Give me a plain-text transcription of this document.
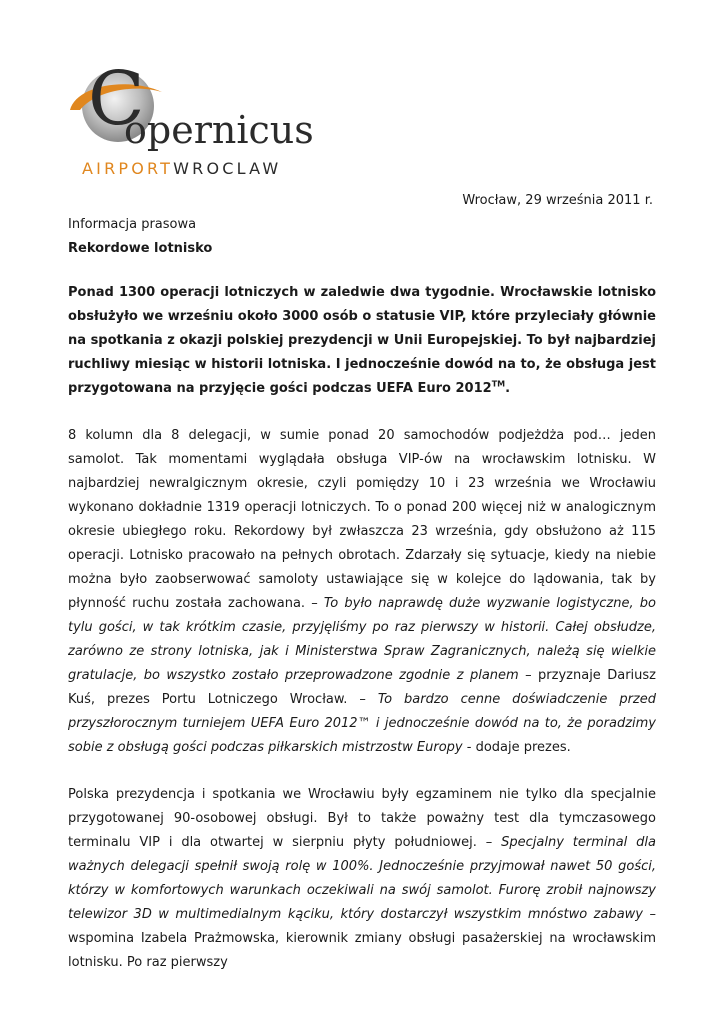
C
opernicus
AIRPORTWROCLAW
Wrocław, 29 września 2011 r.

Informacja prasowa

Rekordowe lotnisko

Ponad 1300 operacji lotniczych w zaledwie dwa tygodnie. Wrocławskie lotnisko obsłużyło we wrześniu około 3000 osób o statusie VIP, które przyleciały głównie na spotkania z okazji polskiej prezydencji w Unii Europejskiej. To był najbardziej ruchliwy miesiąc w historii lotniska. I jednocześnie dowód na to, że obsługa jest przygotowana na przyjęcie gości podczas UEFA Euro 2012™.

8 kolumn dla 8 delegacji, w sumie ponad 20 samochodów podjeżdża pod… jeden samolot. Tak momentami wyglądała obsługa VIP-ów na wrocławskim lotnisku. W najbardziej newralgicznym okresie, czyli pomiędzy 10 i 23 września we Wrocławiu wykonano dokładnie 1319 operacji lotniczych. To o ponad 200 więcej niż w analogicznym okresie ubiegłego roku. Rekordowy był zwłaszcza 23 września, gdy obsłużono aż 115 operacji. Lotnisko pracowało na pełnych obrotach. Zdarzały się sytuacje, kiedy na niebie można było zaobserwować samoloty ustawiające się w kolejce do lądowania, tak by płynność ruchu została zachowana. – To było naprawdę duże wyzwanie logistyczne, bo tylu gości, w tak krótkim czasie, przyjęliśmy po raz pierwszy w historii. Całej obsłudze, zarówno ze strony lotniska, jak i Ministerstwa Spraw Zagranicznych, należą się wielkie gratulacje, bo wszystko zostało przeprowadzone zgodnie z planem – przyznaje Dariusz Kuś, prezes Portu Lotniczego Wrocław. – To bardzo cenne doświadczenie przed przyszłorocznym turniejem UEFA Euro 2012™ i jednocześnie dowód na to, że poradzimy sobie z obsługą gości podczas piłkarskich mistrzostw Europy - dodaje prezes.

Polska prezydencja i spotkania we Wrocławiu były egzaminem nie tylko dla specjalnie przygotowanej 90-osobowej obsługi. Był to także poważny test dla tymczasowego terminalu VIP i dla otwartej w sierpniu płyty południowej. – Specjalny terminal dla ważnych delegacji spełnił swoją rolę w 100%. Jednocześnie przyjmował nawet 50 gości, którzy w komfortowych warunkach oczekiwali na swój samolot. Furorę zrobił najnowszy telewizor 3D w multimedialnym kąciku, który dostarczył wszystkim mnóstwo zabawy – wspomina Izabela Prażmowska, kierownik zmiany obsługi pasażerskiej na wrocławskim lotnisku. Po raz pierwszy
